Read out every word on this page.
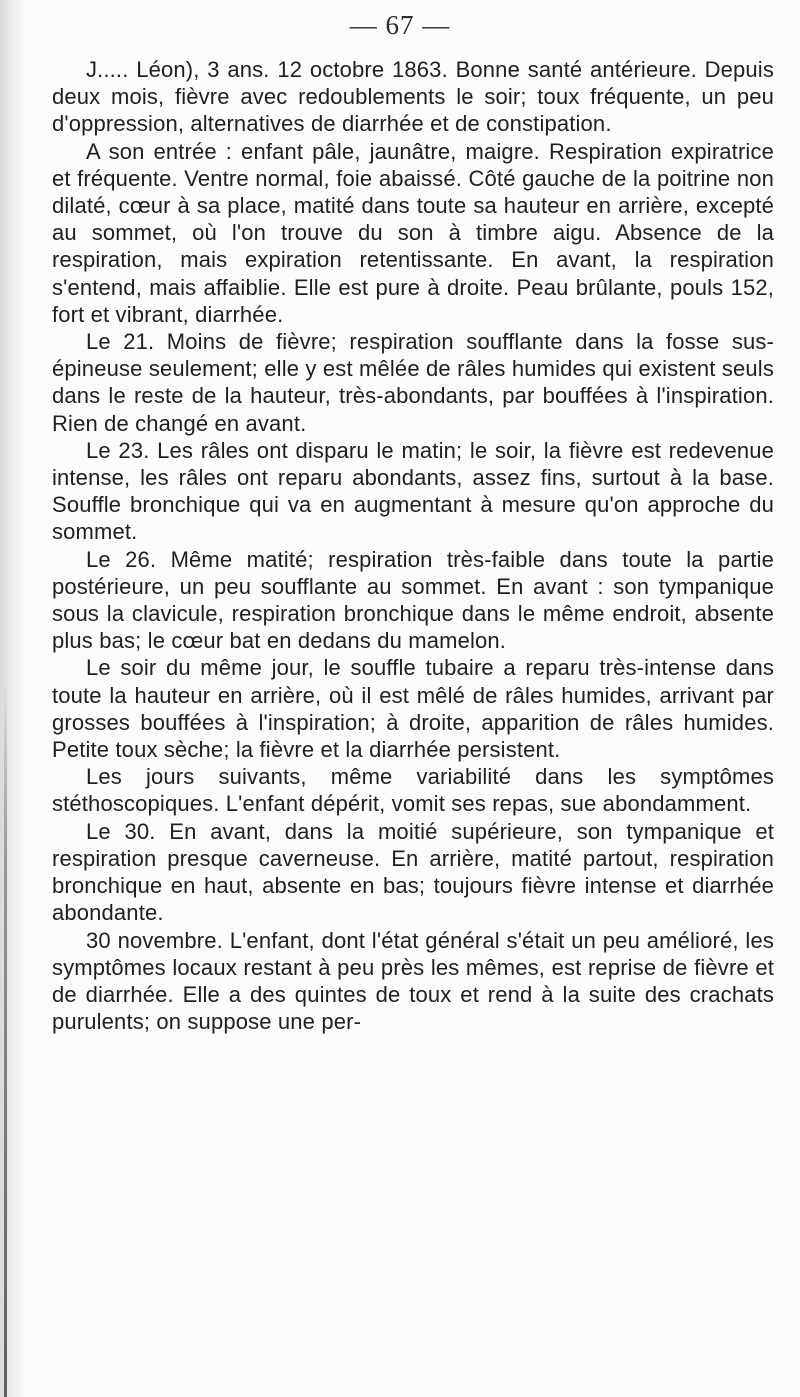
— 67 —

J..... Léon), 3 ans. 12 octobre 1863. Bonne santé antérieure. Depuis deux mois, fièvre avec redoublements le soir; toux fréquente, un peu d'oppression, alternatives de diarrhée et de constipation.

A son entrée : enfant pâle, jaunâtre, maigre. Respiration expiratrice et fréquente. Ventre normal, foie abaissé. Côté gauche de la poitrine non dilaté, cœur à sa place, matité dans toute sa hauteur en arrière, excepté au sommet, où l'on trouve du son à timbre aigu. Absence de la respiration, mais expiration retentissante. En avant, la respiration s'entend, mais affaiblie. Elle est pure à droite. Peau brûlante, pouls 152, fort et vibrant, diarrhée.

Le 21. Moins de fièvre; respiration soufflante dans la fosse sus-épineuse seulement; elle y est mêlée de râles humides qui existent seuls dans le reste de la hauteur, très-abondants, par bouffées à l'inspiration. Rien de changé en avant.

Le 23. Les râles ont disparu le matin; le soir, la fièvre est redevenue intense, les râles ont reparu abondants, assez fins, surtout à la base. Souffle bronchique qui va en augmentant à mesure qu'on approche du sommet.

Le 26. Même matité; respiration très-faible dans toute la partie postérieure, un peu soufflante au sommet. En avant : son tympanique sous la clavicule, respiration bronchique dans le même endroit, absente plus bas; le cœur bat en dedans du mamelon.

Le soir du même jour, le souffle tubaire a reparu très-intense dans toute la hauteur en arrière, où il est mêlé de râles humides, arrivant par grosses bouffées à l'inspiration; à droite, apparition de râles humides. Petite toux sèche; la fièvre et la diarrhée persistent.

Les jours suivants, même variabilité dans les symptômes stéthoscopiques. L'enfant dépérit, vomit ses repas, sue abondamment.

Le 30. En avant, dans la moitié supérieure, son tympanique et respiration presque caverneuse. En arrière, matité partout, respiration bronchique en haut, absente en bas; toujours fièvre intense et diarrhée abondante.

30 novembre. L'enfant, dont l'état général s'était un peu amélioré, les symptômes locaux restant à peu près les mêmes, est reprise de fièvre et de diarrhée. Elle a des quintes de toux et rend à la suite des crachats purulents; on suppose une per-
